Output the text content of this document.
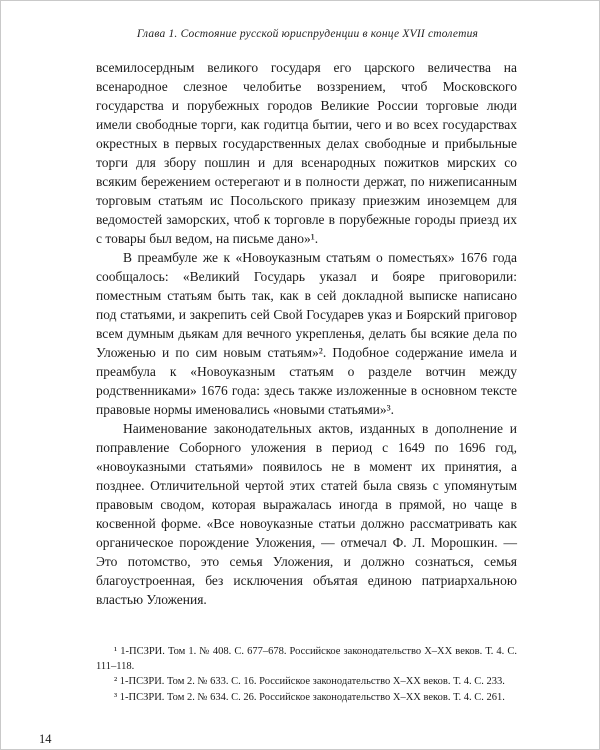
Глава 1. Состояние русской юриспруденции в конце XVII столетия

всемилосердным великого государя его царского величества на всенародное слезное челобитье воззрением, чтоб Московского государства и порубежных городов Великие России торговые люди имели свободные торги, как годитца бытии, чего и во всех государствах окрестных в первых государственных делах свободные и прибыльные торги для збору пошлин и для всенародных пожитков мирских со всяким бережением остерегают и в полности держат, по нижеписанным торговым статьям ис Посольского приказу приезжим иноземцем для ведомостей заморских, чтоб к торговле в порубежные городы приезд их с товары был ведом, на письме дано»¹.

В преамбуле же к «Новоуказным статьям о поместьях» 1676 года сообщалось: «Великий Государь указал и бояре приговорили: поместным статьям быть так, как в сей докладной выписке написано под статьями, и закрепить сей Свой Государев указ и Боярский приговор всем думным дьякам для вечного укрепленья, делать бы всякие дела по Уложенью и по сим новым статьям»². Подобное содержание имела и преамбула к «Новоуказным статьям о разделе вотчин между родственниками» 1676 года: здесь также изложенные в основном тексте правовые нормы именовались «новыми статьями»³.

Наименование законодательных актов, изданных в дополнение и поправление Соборного уложения в период с 1649 по 1696 год, «новоуказными статьями» появилось не в момент их принятия, а позднее. Отличительной чертой этих статей была связь с упомянутым правовым сводом, которая выражалась иногда в прямой, но чаще в косвенной форме. «Все новоуказные статьи должно рассматривать как органическое порождение Уложения, — отмечал Ф. Л. Морошкин. — Это потомство, это семья Уложения, и должно сознаться, семья благоустроенная, без исключения объятая единою патриархальною властью Уложения.

¹ 1-ПСЗРИ. Том 1. № 408. С. 677–678. Российское законодательство X–XX веков. Т. 4. С. 111–118.

² 1-ПСЗРИ. Том 2. № 633. С. 16. Российское законодательство X–XX веков. Т. 4. С. 233.

³ 1-ПСЗРИ. Том 2. № 634. С. 26. Российское законодательство X–XX веков. Т. 4. С. 261.

14
